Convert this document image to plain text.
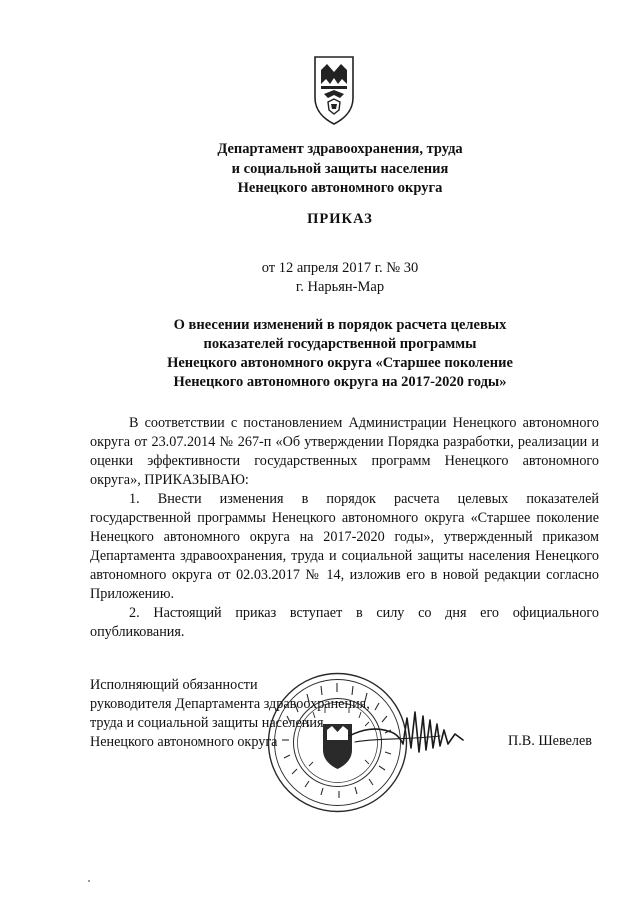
Департамент здравоохранения, труда
и социальной защиты населения
Ненецкого автономного округа
ПРИКАЗ
от 12 апреля 2017 г. № 30
г. Нарьян-Мар
О внесении изменений в порядок расчета целевых
показателей государственной программы
Ненецкого автономного округа «Старшее поколение
Ненецкого автономного округа на 2017-2020 годы»

В соответствии с постановлением Администрации Ненецкого автономного округа от 23.07.2014 № 267-п «Об утверждении Порядка разработки, реализации и оценки эффективности государственных программ Ненецкого автономного округа», ПРИКАЗЫВАЮ:

1. Внести изменения в порядок расчета целевых показателей государственной программы Ненецкого автономного округа «Старшее поколение Ненецкого автономного округа на 2017-2020 годы», утвержденный приказом Департамента здравоохранения, труда и социальной защиты населения Ненецкого автономного округа от 02.03.2017 № 14, изложив его в новой редакции согласно Приложению.

2. Настоящий приказ вступает в силу со дня его официального опубликования.

Исполняющий обязанности
руководителя Департамента здравоохранения,
труда и социальной защиты населения
Ненецкого автономного округа	П.В. Шевелев
